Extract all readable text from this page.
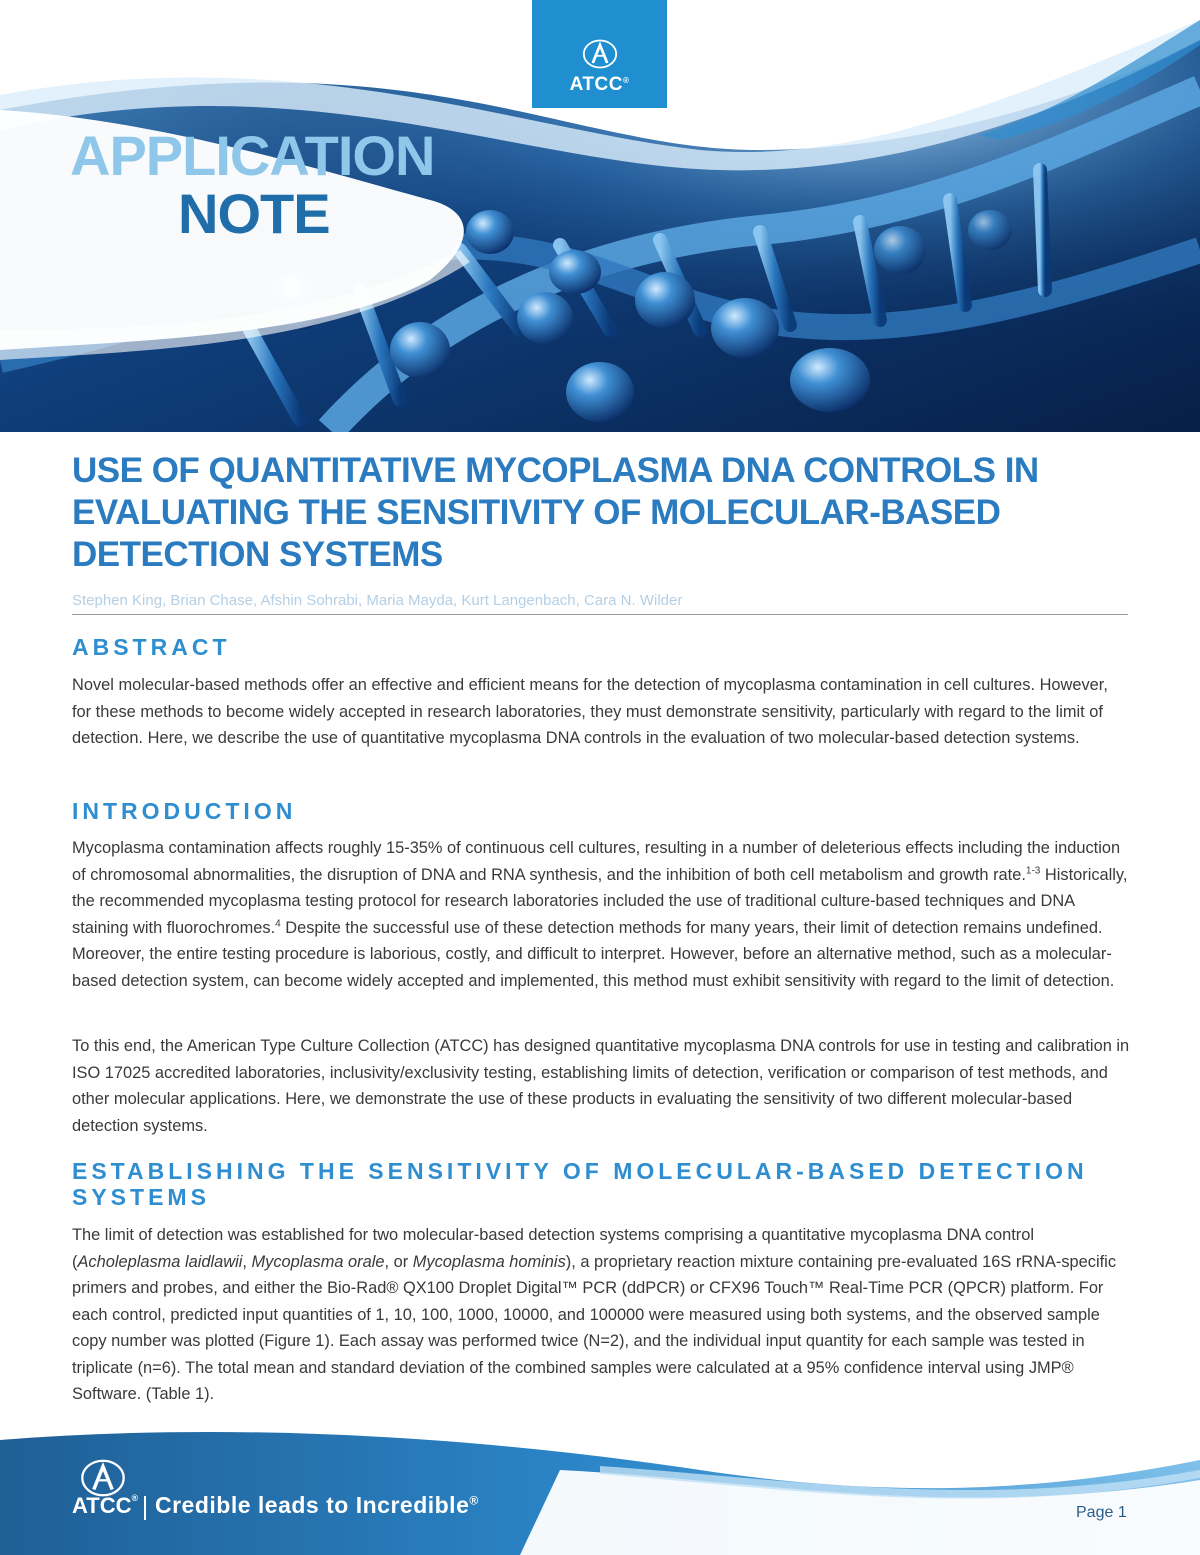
ATCC®
APPLICATION
NOTE
USE OF QUANTITATIVE MYCOPLASMA DNA CONTROLS IN EVALUATING THE SENSITIVITY OF MOLECULAR-BASED DETECTION SYSTEMS
Stephen King, Brian Chase, Afshin Sohrabi, Maria Mayda, Kurt Langenbach, Cara N. Wilder
ABSTRACT

Novel molecular-based methods offer an effective and efficient means for the detection of mycoplasma contamination in cell cultures. However, for these methods to become widely accepted in research laboratories, they must demonstrate sensitivity, particularly with regard to the limit of detection. Here, we describe the use of quantitative mycoplasma DNA controls in the evaluation of two molecular-based detection systems.

INTRODUCTION

Mycoplasma contamination affects roughly 15-35% of continuous cell cultures, resulting in a number of deleterious effects including the induction of chromosomal abnormalities, the disruption of DNA and RNA synthesis, and the inhibition of both cell metabolism and growth rate.$^{1-3}$ Historically, the recommended mycoplasma testing protocol for research laboratories included the use of traditional culture-based techniques and DNA staining with fluorochromes.$^4$ Despite the successful use of these detection methods for many years, their limit of detection remains undefined. Moreover, the entire testing procedure is laborious, costly, and difficult to interpret. However, before an alternative method, such as a molecular-based detection system, can become widely accepted and implemented, this method must exhibit sensitivity with regard to the limit of detection.

To this end, the American Type Culture Collection (ATCC) has designed quantitative mycoplasma DNA controls for use in testing and calibration in ISO 17025 accredited laboratories, inclusivity/exclusivity testing, establishing limits of detection, verification or comparison of test methods, and other molecular applications. Here, we demonstrate the use of these products in evaluating the sensitivity of two different molecular-based detection systems.

ESTABLISHING THE SENSITIVITY OF MOLECULAR-BASED DETECTION SYSTEMS

The limit of detection was established for two molecular-based detection systems comprising a quantitative mycoplasma DNA control (Acholeplasma laidlawii, Mycoplasma orale, or Mycoplasma hominis), a proprietary reaction mixture containing pre-evaluated 16S rRNA-specific primers and probes, and either the Bio-Rad® QX100 Droplet Digital™ PCR (ddPCR) or CFX96 Touch™ Real-Time PCR (QPCR) platform. For each control, predicted input quantities of 1, 10, 100, 1000, 10000, and 100000 were measured using both systems, and the observed sample copy number was plotted (Figure 1). Each assay was performed twice (N=2), and the individual input quantity for each sample was tested in triplicate (n=6). The total mean and standard deviation of the combined samples were calculated at a 95% confidence interval using JMP® Software. (Table 1).

ATCC® Credible leads to Incredible®
Page 1
